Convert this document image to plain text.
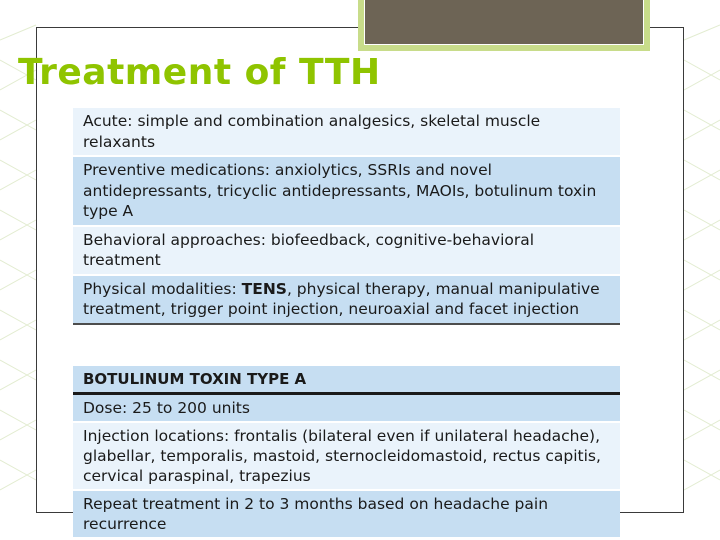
Treatment of TTH
Acute: simple and combination analgesics, skeletal muscle relaxants
Preventive medications: anxiolytics, SSRIs and novel antidepressants, tricyclic antidepressants, MAOIs, botulinum toxin type A
Behavioral approaches: biofeedback, cognitive-behavioral treatment
Physical modalities: TENS, physical therapy, manual manipulative treatment, trigger point injection, neuroaxial and facet injection
BOTULINUM TOXIN TYPE A
Dose: 25 to 200 units
Injection locations: frontalis (bilateral even if unilateral headache), glabellar, temporalis, mastoid, sternocleidomastoid, rectus capitis, cervical paraspinal, trapezius
Repeat treatment in 2 to 3 months based on headache pain recurrence
